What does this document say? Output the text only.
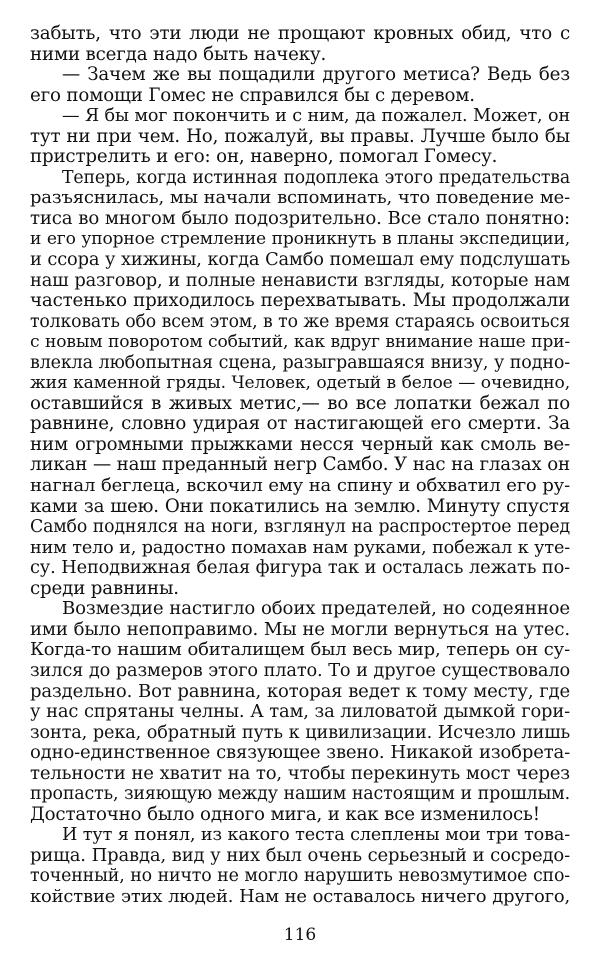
забыть, что эти люди не прощают кровных обид, что с
ними всегда надо быть начеку.
— Зачем же вы пощадили другого метиса? Ведь без
его помощи Гомес не справился бы с деревом.
— Я бы мог покончить и с ним, да пожалел. Может, он
тут ни при чем. Но, пожалуй, вы правы. Лучше было бы
пристрелить и его: он, наверно, помогал Гомесу.
Теперь, когда истинная подоплека этого предательства
разъяснилась, мы начали вспоминать, что поведение ме-
тиса во многом было подозрительно. Все стало понятно:
и его упорное стремление проникнуть в планы экспедиции,
и ссора у хижины, когда Самбо помешал ему подслушать
наш разговор, и полные ненависти взгляды, которые нам
частенько приходилось перехватывать. Мы продолжали
толковать обо всем этом, в то же время стараясь освоиться
с новым поворотом событий, как вдруг внимание наше при-
влекла любопытная сцена, разыгравшаяся внизу, у подно-
жия каменной гряды. Человек, одетый в белое — очевидно,
оставшийся в живых метис,— во все лопатки бежал по
равнине, словно удирая от настигающей его смерти. За
ним огромными прыжками несся черный как смоль ве-
ликан — наш преданный негр Самбо. У нас на глазах он
нагнал беглеца, вскочил ему на спину и обхватил его ру-
ками за шею. Они покатились на землю. Минуту спустя
Самбо поднялся на ноги, взглянул на распростертое перед
ним тело и, радостно помахав нам руками, побежал к уте-
су. Неподвижная белая фигура так и осталась лежать по-
среди равнины.
Возмездие настигло обоих предателей, но содеянное
ими было непоправимо. Мы не могли вернуться на утес.
Когда-то нашим обиталищем был весь мир, теперь он су-
зился до размеров этого плато. То и другое существовало
раздельно. Вот равнина, которая ведет к тому месту, где
у нас спрятаны челны. А там, за лиловатой дымкой гори-
зонта, река, обратный путь к цивилизации. Исчезло лишь
одно-единственное связующее звено. Никакой изобрета-
тельности не хватит на то, чтобы перекинуть мост через
пропасть, зияющую между нашим настоящим и прошлым.
Достаточно было одного мига, и как все изменилось!
И тут я понял, из какого теста слеплены мои три това-
рища. Правда, вид у них был очень серьезный и сосредо-
точенный, но ничто не могло нарушить невозмутимое спо-
койствие этих людей. Нам не оставалось ничего другого,
116
